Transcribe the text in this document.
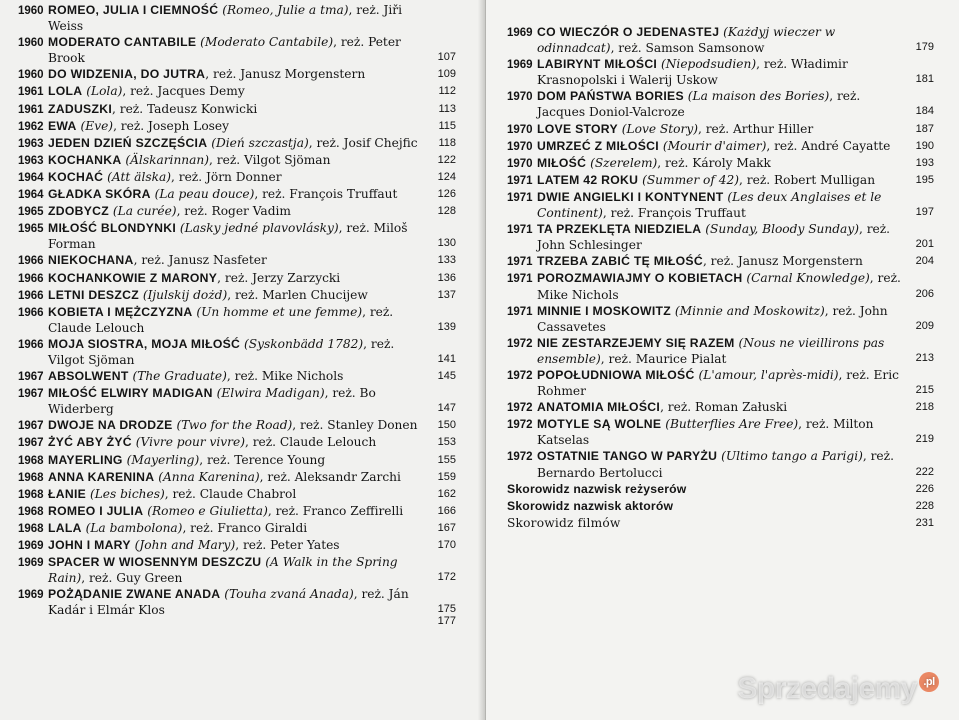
1960 ROMEO, JULIA I CIEMNOŚĆ (Romeo, Julie a tma), reż. Jiři Weiss
1960 MODERATO CANTABILE (Moderato Cantabile), reż. Peter Brook	107
1960 DO WIDZENIA, DO JUTRA, reż. Janusz Morgenstern	109
1961 LOLA (Lola), reż. Jacques Demy	112
1961 ZADUSZKI, reż. Tadeusz Konwicki	113
1962 EWA (Eve), reż. Joseph Losey	115
1963 JEDEN DZIEŃ SZCZĘŚCIA (Dień szczastja), reż. Josif Chejfic	118
1963 KOCHANKA (Älskarinnan), reż. Vilgot Sjöman	122
1964 KOCHAĆ (Att älska), reż. Jörn Donner	124
1964 GŁADKA SKÓRA (La peau douce), reż. François Truffaut	126
1965 ZDOBYCZ (La curée), reż. Roger Vadim	128
1965 MIŁOŚĆ BLONDYNKI (Lasky jedné plavovlásky), reż. Miloš Forman	130
1966 NIEKOCHANA, reż. Janusz Nasfeter	133
1966 KOCHANKOWIE Z MARONY, reż. Jerzy Zarzycki	136
1966 LETNI DESZCZ (Ijulskij dożd), reż. Marlen Chucijew	137
1966 KOBIETA I MĘŻCZYZNA (Un homme et une femme), reż. Claude Lelouch	139
1966 MOJA SIOSTRA, MOJA MIŁOŚĆ (Syskonbädd 1782), reż. Vilgot Sjöman	141
1967 ABSOLWENT (The Graduate), reż. Mike Nichols	145
1967 MIŁOŚĆ ELWIRY MADIGAN (Elwira Madigan), reż. Bo Widerberg	147
1967 DWOJE NA DRODZE (Two for the Road), reż. Stanley Donen	150
1967 ŻYĆ ABY ŻYĆ (Vivre pour vivre), reż. Claude Lelouch	153
1968 MAYERLING (Mayerling), reż. Terence Young	155
1968 ANNA KARENINA (Anna Karenina), reż. Aleksandr Zarchi	159
1968 ŁANIE (Les biches), reż. Claude Chabrol	162
1968 ROMEO I JULIA (Romeo e Giulietta), reż. Franco Zeffirelli	166
1968 LALA (La bambolona), reż. Franco Giraldi	167
1969 JOHN I MARY (John and Mary), reż. Peter Yates	170
1969 SPACER W WIOSENNYM DESZCZU (A Walk in the Spring Rain), reż. Guy Green	172
1969 POŻĄDANIE ZWANE ANADA (Touha zvaná Anada), reż. Ján Kadár i Elmár Klos	175
177
1969 CO WIECZÓR O JEDENASTEJ (Każdyj wieczer w odinnadcat), reż. Samson Samsonow	179
1969 LABIRYNT MIŁOŚCI (Niepodsudien), reż. Władimir Krasnopolski i Walerij Uskow	181
1970 DOM PAŃSTWA BORIES (La maison des Bories), reż. Jacques Doniol-Valcroze	184
1970 LOVE STORY (Love Story), reż. Arthur Hiller	187
1970 UMRZEĆ Z MIŁOŚCI (Mourir d'aimer), reż. André Cayatte	190
1970 MIŁOŚĆ (Szerelem), reż. Károly Makk	193
1971 LATEM 42 ROKU (Summer of 42), reż. Robert Mulligan	195
1971 DWIE ANGIELKI I KONTYNENT (Les deux Anglaises et le Continent), reż. François Truffaut	197
1971 TA PRZEKLĘTA NIEDZIELA (Sunday, Bloody Sunday), reż. John Schlesinger	201
1971 TRZEBA ZABIĆ TĘ MIŁOŚĆ, reż. Janusz Morgenstern	204
1971 POROZMAWIAJMY O KOBIETACH (Carnal Knowledge), reż. Mike Nichols	206
1971 MINNIE I MOSKOWITZ (Minnie and Moskowitz), reż. John Cassavetes	209
1972 NIE ZESTARZEJEMY SIĘ RAZEM (Nous ne vieillirons pas ensemble), reż. Maurice Pialat	213
1972 POPOŁUDNIOWA MIŁOŚĆ (L'amour, l'après-midi), reż. Eric Rohmer	215
1972 ANATOMIA MIŁOŚCI, reż. Roman Załuski	218
1972 MOTYLE SĄ WOLNE (Butterflies Are Free), reż. Milton Katselas	219
1972 OSTATNIE TANGO W PARYŻU (Ultimo tango a Parigi), reż. Bernardo Bertolucci	222
Skorowidz nazwisk reżyserów	226
Skorowidz nazwisk aktorów	228
Skorowidz filmów	231
Sprzedajemy .pl
